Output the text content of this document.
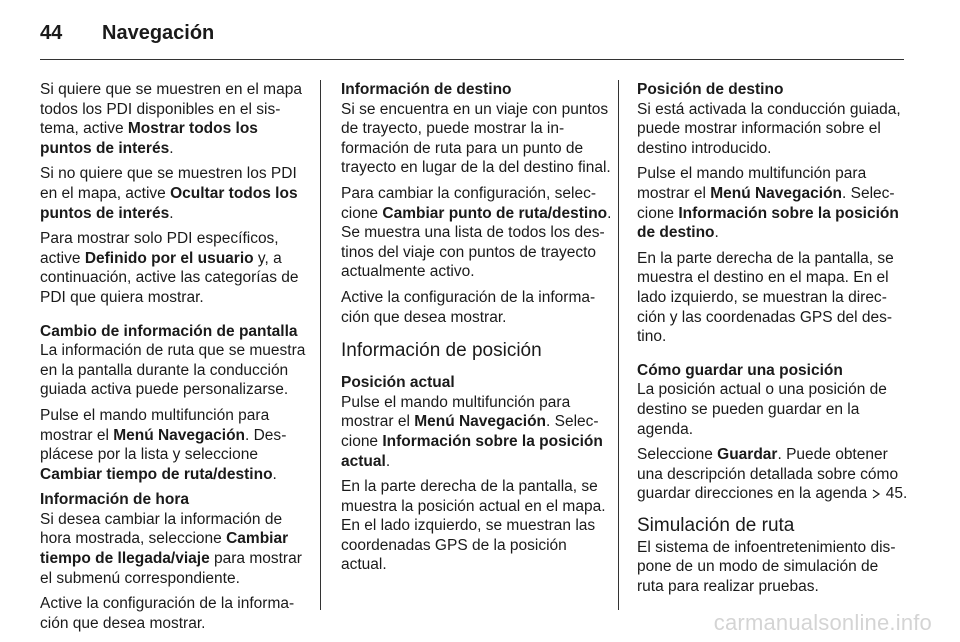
44 Navegación

Si quiere que se muestren en el mapa todos los PDI disponibles en el sistema, active Mostrar todos los puntos de interés.

Si no quiere que se muestren los PDI en el mapa, active Ocultar todos los puntos de interés.

Para mostrar solo PDI específicos, active Definido por el usuario y, a continuación, active las categorías de PDI que quiera mostrar.

Cambio de información de pantalla
La información de ruta que se muestra en la pantalla durante la conducción guiada activa puede personalizarse.

Pulse el mando multifunción para mostrar el Menú Navegación. Desplácese por la lista y seleccione Cambiar tiempo de ruta/destino.

Información de hora
Si desea cambiar la información de hora mostrada, seleccione Cambiar tiempo de llegada/viaje para mostrar el submenú correspondiente.

Active la configuración de la información que desea mostrar.

Información de destino
Si se encuentra en un viaje con puntos de trayecto, puede mostrar la información de ruta para un punto de trayecto en lugar de la del destino final.

Para cambiar la configuración, seleccione Cambiar punto de ruta/destino. Se muestra una lista de todos los destinos del viaje con puntos de trayecto actualmente activo.

Active la configuración de la información que desea mostrar.

Información de posición

Posición actual
Pulse el mando multifunción para mostrar el Menú Navegación. Seleccione Información sobre la posición actual.

En la parte derecha de la pantalla, se muestra la posición actual en el mapa. En el lado izquierdo, se muestran las coordenadas GPS de la posición actual.

Posición de destino
Si está activada la conducción guiada, puede mostrar información sobre el destino introducido.

Pulse el mando multifunción para mostrar el Menú Navegación. Seleccione Información sobre la posición de destino.

En la parte derecha de la pantalla, se muestra el destino en el mapa. En el lado izquierdo, se muestran la dirección y las coordenadas GPS del destino.

Cómo guardar una posición
La posición actual o una posición de destino se pueden guardar en la agenda.

Seleccione Guardar. Puede obtener una descripción detallada sobre cómo guardar direcciones en la agenda  45.

Simulación de ruta

El sistema de infoentretenimiento dispone de un modo de simulación de ruta para realizar pruebas.

carmanualsonline.info
